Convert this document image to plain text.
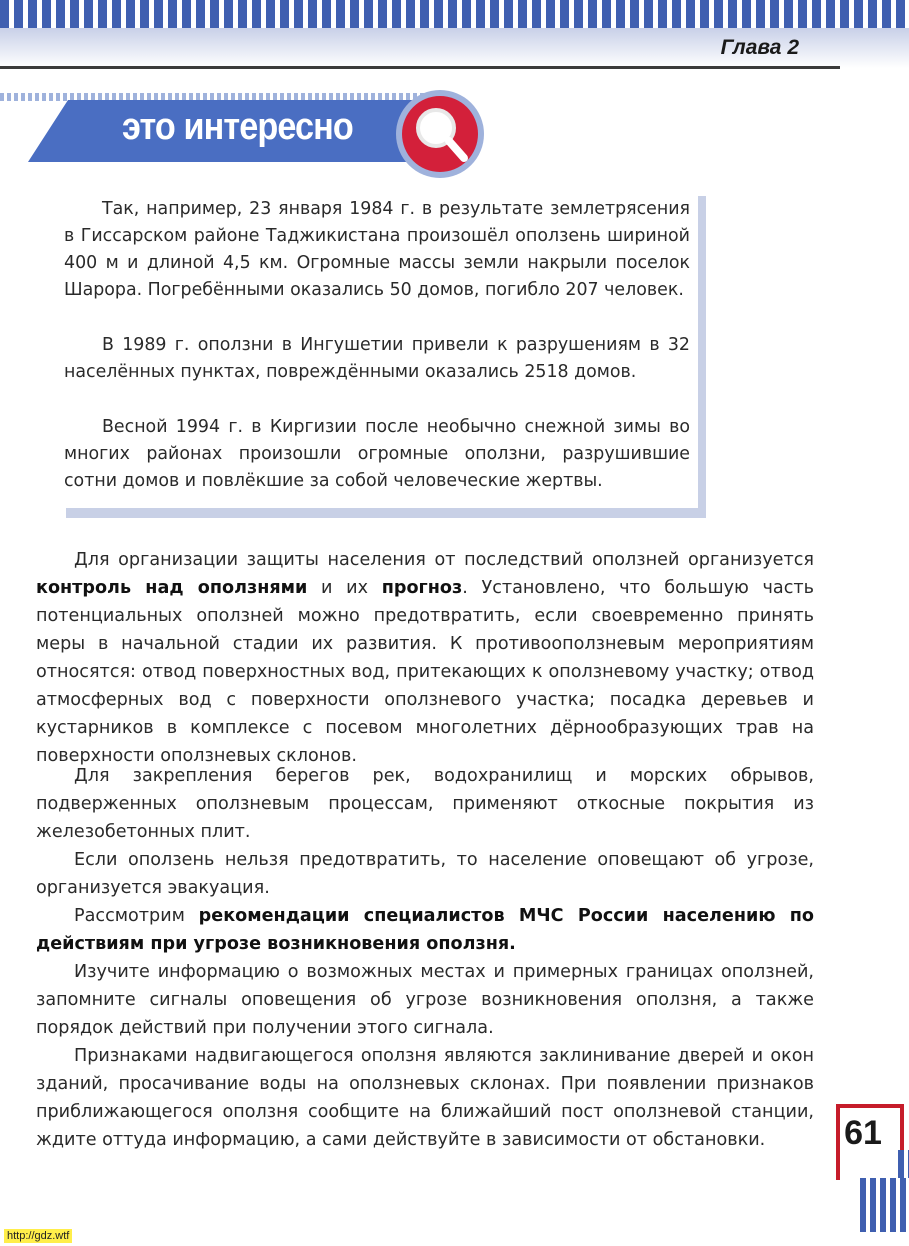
Глава 2
это интересно

Так, например, 23 января 1984 г. в результате землетрясения в Гиссарском районе Таджикистана произошёл оползень шириной 400 м и длиной 4,5 км. Огромные массы земли накрыли поселок Шарора. Погребёнными оказались 50 домов, погибло 207 человек.

В 1989 г. оползни в Ингушетии привели к разрушениям в 32 населённых пунктах, повреждёнными оказались 2518 домов.

Весной 1994 г. в Киргизии после необычно снежной зимы во многих районах произошли огромные оползни, разрушившие сотни домов и повлёкшие за собой человеческие жертвы.

Для организации защиты населения от последствий оползней организуется контроль над оползнями и их прогноз. Установлено, что большую часть потенциальных оползней можно предотвратить, если своевременно принять меры в начальной стадии их развития. К противооползневым мероприятиям относятся: отвод поверхностных вод, притекающих к оползневому участку; отвод атмосферных вод с поверхности оползневого участка; посадка деревьев и кустарников в комплексе с посевом многолетних дёрнообразующих трав на поверхности оползневых склонов.

Для закрепления берегов рек, водохранилищ и морских обрывов, подверженных оползневым процессам, применяют откосные покрытия из железобетонных плит.

Если оползень нельзя предотвратить, то население оповещают об угрозе, организуется эвакуация.

Рассмотрим рекомендации специалистов МЧС России населению по действиям при угрозе возникновения оползня.

Изучите информацию о возможных местах и примерных границах оползней, запомните сигналы оповещения об угрозе возникновения оползня, а также порядок действий при получении этого сигнала.

Признаками надвигающегося оползня являются заклинивание дверей и окон зданий, просачивание воды на оползневых склонах. При появлении признаков приближающегося оползня сообщите на ближайший пост оползневой станции, ждите оттуда информацию, а сами действуйте в зависимости от обстановки.	61
http://gdz.wtf
